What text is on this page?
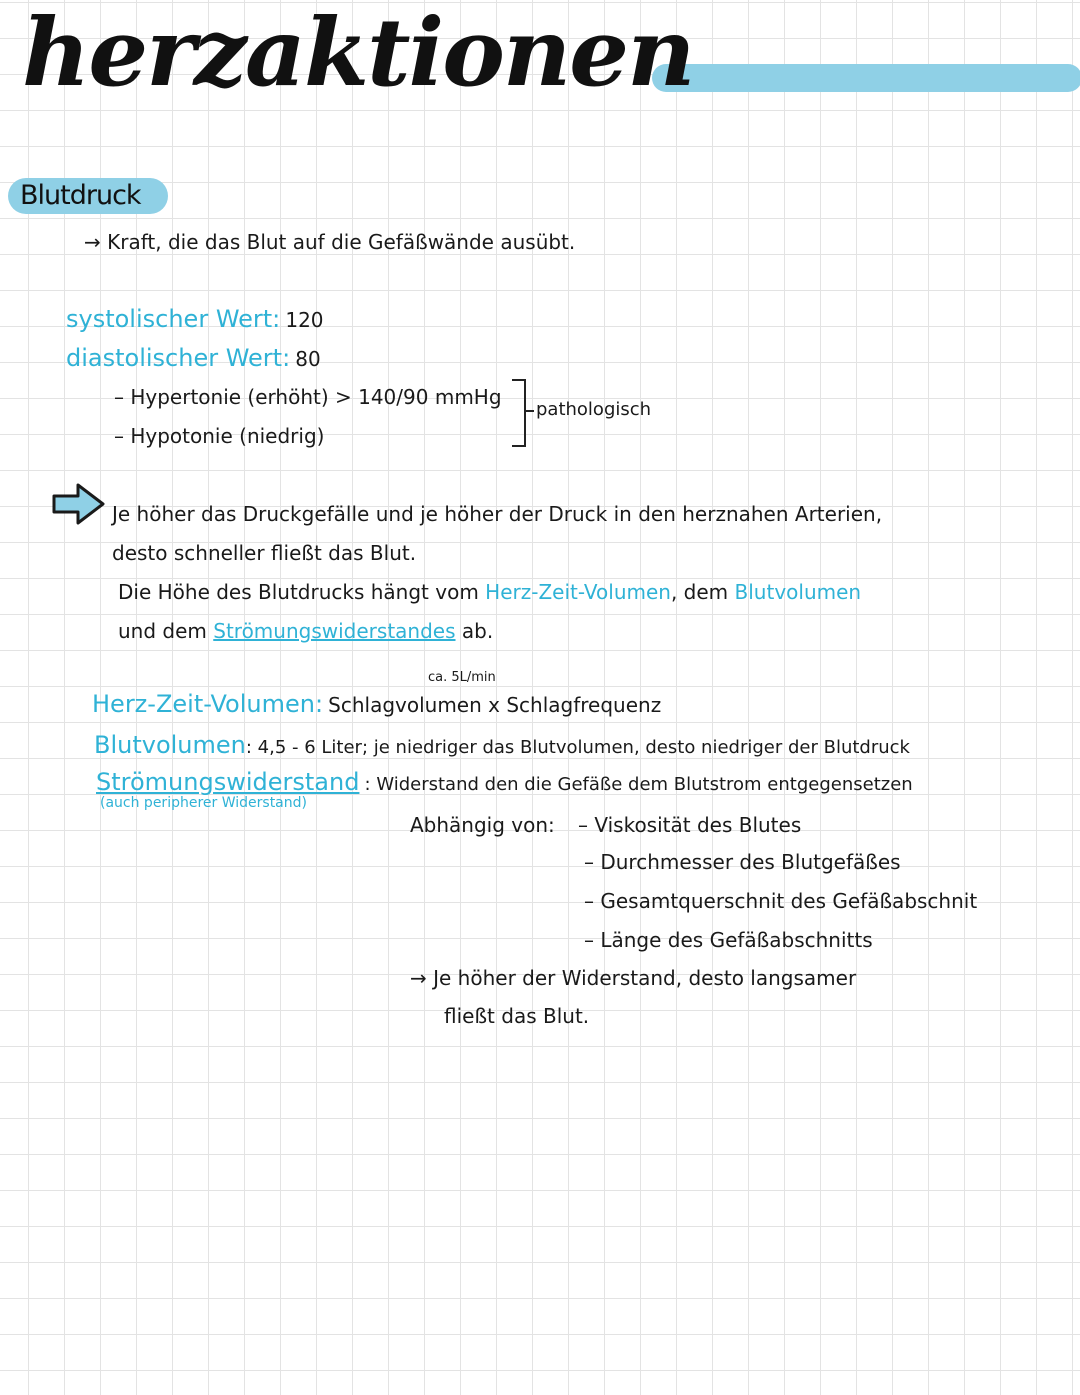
herzaktionen
Blutdruck
→ Kraft, die das Blut auf die Gefäßwände ausübt.
systolischer Wert: 120
diastolischer Wert: 80
– Hypertonie (erhöht) > 140/90 mmHg
– Hypotonie (niedrig)
pathologisch
Je höher das Druckgefälle und je höher der Druck in den herznahen Arterien,
desto schneller fließt das Blut.
Die Höhe des Blutdrucks hängt vom Herz-Zeit-Volumen, dem Blutvolumen
und dem Strömungswiderstandes ab.
ca. 5L/min
Herz-Zeit-Volumen: Schlagvolumen x Schlagfrequenz
Blutvolumen: 4,5 - 6 Liter; je niedriger das Blutvolumen, desto niedriger der Blutdruck
Strömungswiderstand : Widerstand den die Gefäße dem Blutstrom entgegensetzen
(auch peripherer Widerstand)
Abhängig von: – Viskosität des Blutes
– Durchmesser des Blutgefäßes
– Gesamtquerschnit des Gefäßabschnit
– Länge des Gefäßabschnitts
→ Je höher der Widerstand, desto langsamer
fließt das Blut.
